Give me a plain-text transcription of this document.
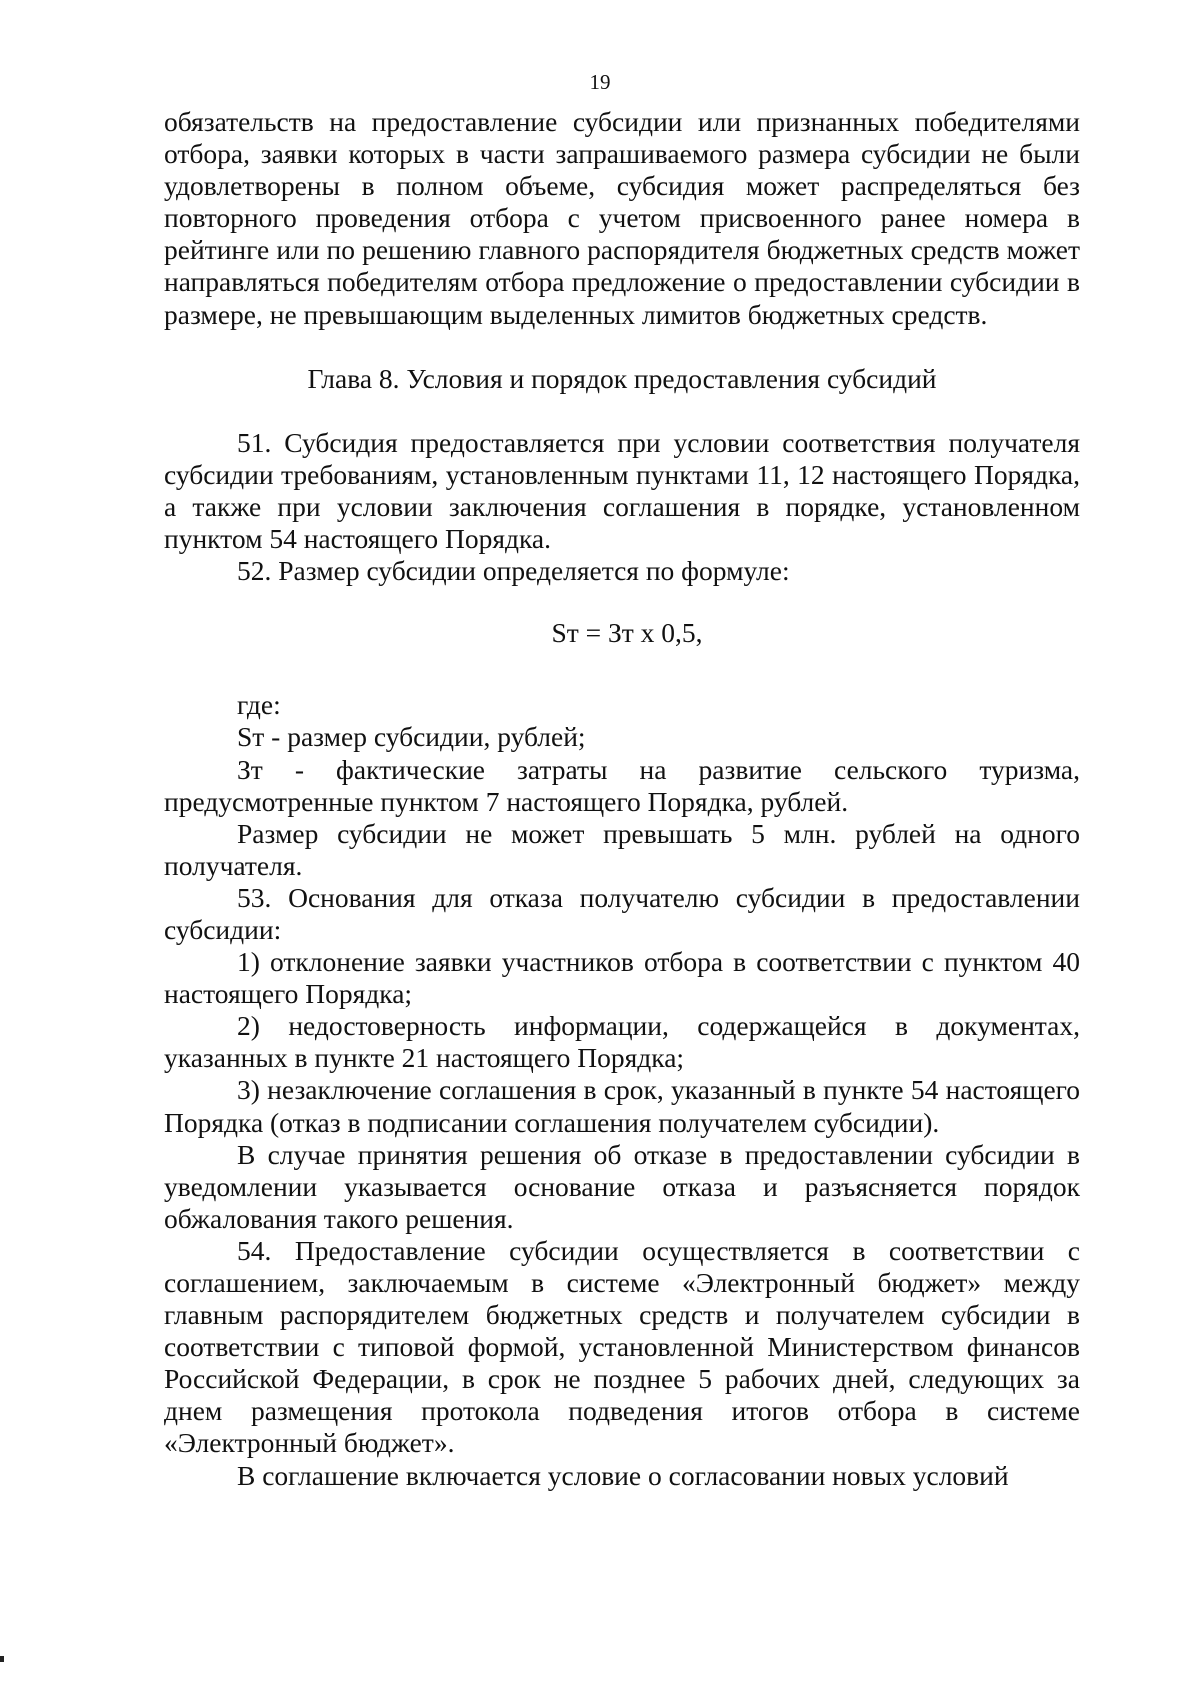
19

обязательств на предоставление субсидии или признанных победителями отбора, заявки которых в части запрашиваемого размера субсидии не были удовлетворены в полном объеме, субсидия может распределяться без повторного проведения отбора с учетом присвоенного ранее номера в рейтинге или по решению главного распорядителя бюджетных средств может направляться победителям отбора предложение о предоставлении субсидии в размере, не превышающим выделенных лимитов бюджетных средств.

Глава 8. Условия и порядок предоставления субсидий

51. Субсидия предоставляется при условии соответствия получателя субсидии требованиям, установленным пунктами 11, 12 настоящего Порядка, а также при условии заключения соглашения в порядке, установленном пунктом 54 настоящего Порядка.

52. Размер субсидии определяется по формуле:

Sт = Зт х 0,5,

где:

Sт - размер субсидии, рублей;

Зт - фактические затраты на развитие сельского туризма, предусмотренные пунктом 7 настоящего Порядка, рублей.

Размер субсидии не может превышать 5 млн. рублей на одного получателя.

53. Основания для отказа получателю субсидии в предоставлении субсидии:

1) отклонение заявки участников отбора в соответствии с пунктом 40 настоящего Порядка;

2) недостоверность информации, содержащейся в документах, указанных в пункте 21 настоящего Порядка;

3) незаключение соглашения в срок, указанный в пункте 54 настоящего Порядка (отказ в подписании соглашения получателем субсидии).

В случае принятия решения об отказе в предоставлении субсидии в уведомлении указывается основание отказа и разъясняется порядок обжалования такого решения.

54. Предоставление субсидии осуществляется в соответствии с соглашением, заключаемым в системе «Электронный бюджет» между главным распорядителем бюджетных средств и получателем субсидии в соответствии с типовой формой, установленной Министерством финансов Российской Федерации, в срок не позднее 5 рабочих дней, следующих за днем размещения протокола подведения итогов отбора в системе «Электронный бюджет».

В соглашение включается условие о согласовании новых условий
